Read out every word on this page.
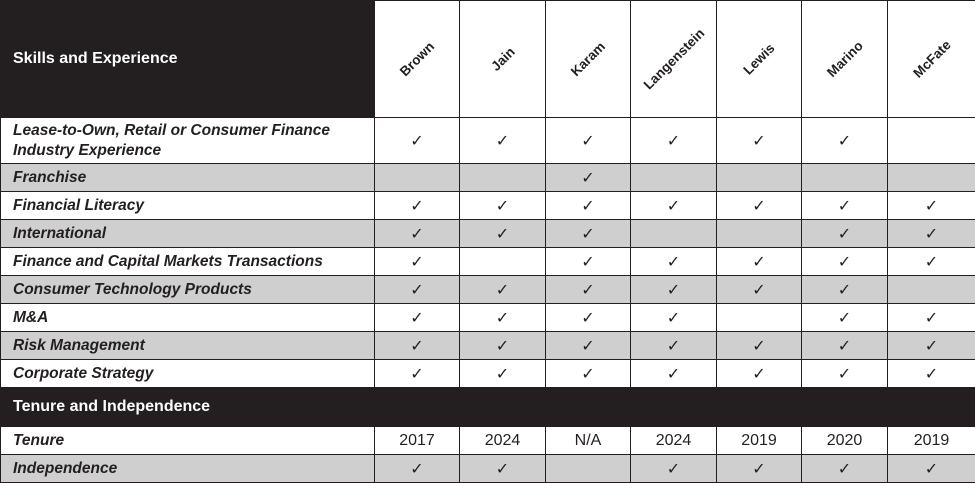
Skills and Experience	Brown	Jain	Karam	Langenstein	Lewis	Marino	McFate

Lease-to-Own, Retail or Consumer Finance Industry Experience	✓	✓	✓	✓	✓	✓	
Franchise			✓				
Financial Literacy	✓	✓	✓	✓	✓	✓	✓
International	✓	✓	✓			✓	✓
Finance and Capital Markets Transactions	✓		✓	✓	✓	✓	✓
Consumer Technology Products	✓	✓	✓	✓	✓	✓	
M&A	✓	✓	✓	✓		✓	✓
Risk Management	✓	✓	✓	✓	✓	✓	✓
Corporate Strategy	✓	✓	✓	✓	✓	✓	✓
Tenure and Independence							
Tenure	2017	2024	N/A	2024	2019	2020	2019
Independence	✓	✓		✓	✓	✓	✓
